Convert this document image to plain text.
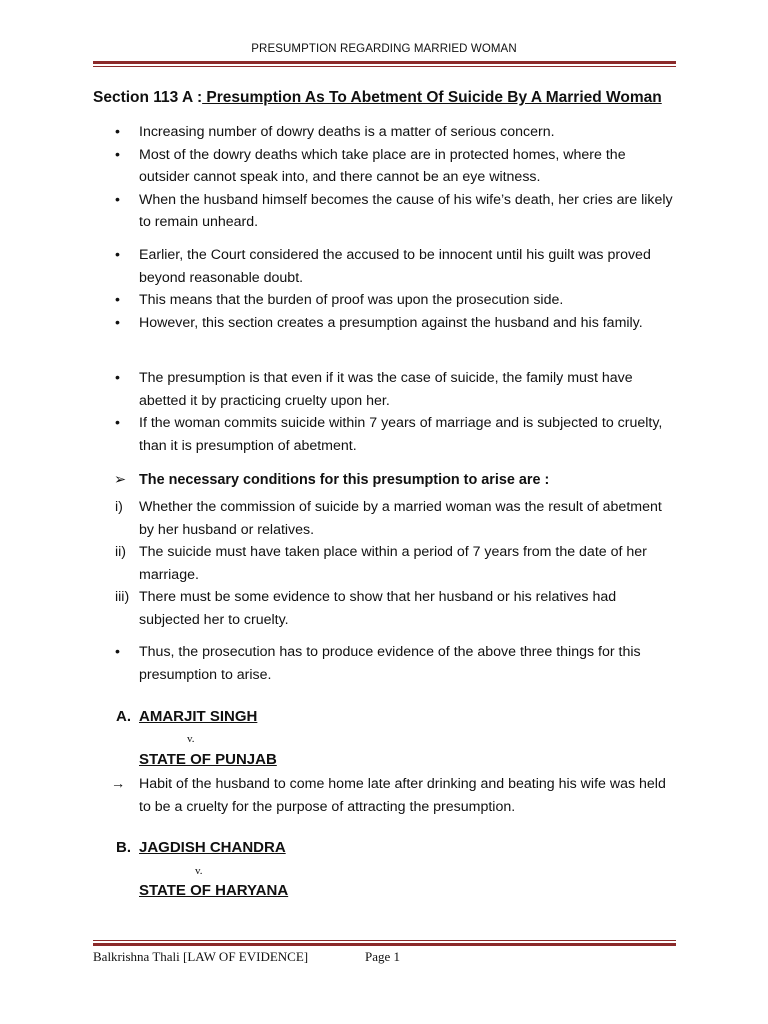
PRESUMPTION REGARDING MARRIED WOMAN
Section 113 A : Presumption As To Abetment Of Suicide By A Married Woman
• Increasing number of dowry deaths is a matter of serious concern.
• Most of the dowry deaths which take place are in protected homes, where the outsider cannot speak into, and there cannot be an eye witness.
• When the husband himself becomes the cause of his wife’s death, her cries are likely to remain unheard.
• Earlier, the Court considered the accused to be innocent until his guilt was proved beyond reasonable doubt.
• This means that the burden of proof was upon the prosecution side.
• However, this section creates a presumption against the husband and his family.
• The presumption is that even if it was the case of suicide, the family must have abetted it by practicing cruelty upon her.
• If the woman commits suicide within 7 years of marriage and is subjected to cruelty, than it is presumption of abetment.
➢ The necessary conditions for this presumption to arise are :
i) Whether the commission of suicide by a married woman was the result of abetment by her husband or relatives.
ii) The suicide must have taken place within a period of 7 years from the date of her marriage.
iii) There must be some evidence to show that her husband or his relatives had subjected her to cruelty.
• Thus, the prosecution has to produce evidence of the above three things for this presumption to arise.
A. AMARJIT SINGH
v.
STATE OF PUNJAB
→ Habit of the husband to come home late after drinking and beating his wife was held to be a cruelty for the purpose of attracting the presumption.
B. JAGDISH CHANDRA
v.
STATE OF HARYANA
Balkrishna Thali [LAW OF EVIDENCE]	Page 1
